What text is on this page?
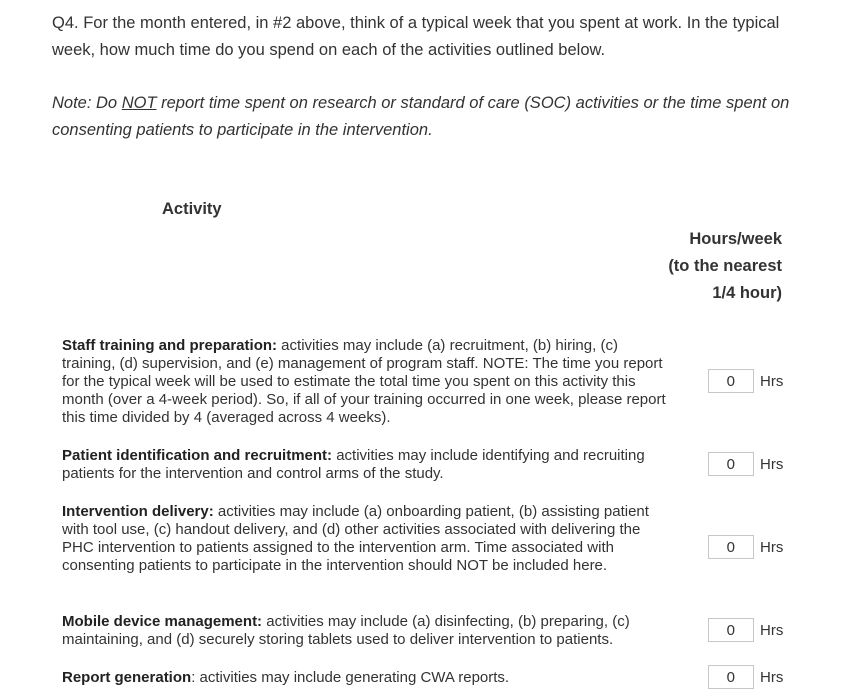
Q4. For the month entered, in #2 above, think of a typical week that you spent at work. In the typical week, how much time do you spend on each of the activities outlined below.
Note: Do NOT report time spent on research or standard of care (SOC) activities or the time spent on consenting patients to participate in the intervention.
Activity
Hours/week
(to the nearest
1/4 hour)
Staff training and preparation: activities may include (a) recruitment, (b) hiring, (c) training, (d) supervision, and (e) management of program staff. NOTE: The time you report for the typical week will be used to estimate the total time you spent on this activity this month (over a 4-week period). So, if all of your training occurred in one week, please report this time divided by 4 (averaged across 4 weeks).
0
Hrs
Patient identification and recruitment: activities may include identifying and recruiting patients for the intervention and control arms of the study.
0
Hrs
Intervention delivery: activities may include (a) onboarding patient, (b) assisting patient with tool use, (c) handout delivery, and (d) other activities associated with delivering the PHC intervention to patients assigned to the intervention arm. Time associated with consenting patients to participate in the intervention should NOT be included here.
0
Hrs
Mobile device management: activities may include (a) disinfecting, (b) preparing, (c) maintaining, and (d) securely storing tablets used to deliver intervention to patients.
0
Hrs
Report generation: activities may include generating CWA reports.
0	Hrs
